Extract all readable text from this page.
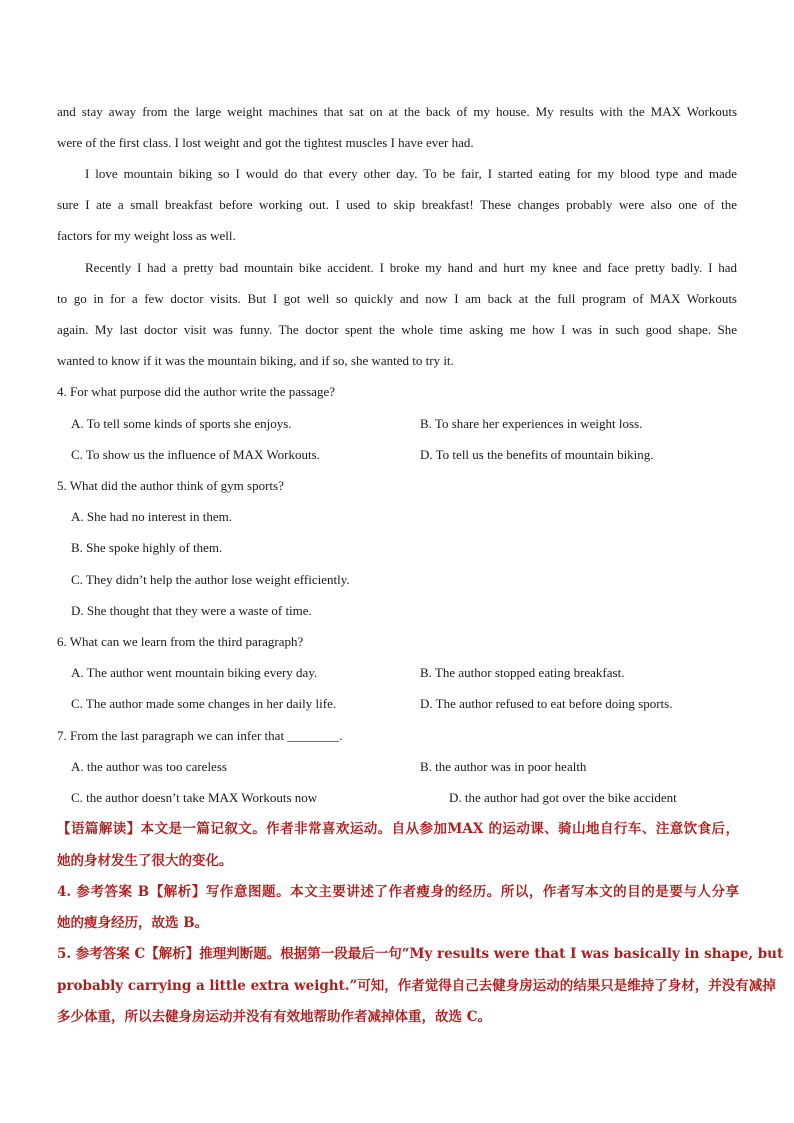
and stay away from the large weight machines that sat on at the back of my house. My results with the MAX Workouts
were of the first class. I lost weight and got the tightest muscles I have ever had.
I love mountain biking so I would do that every other day. To be fair, I started eating for my blood type and made
sure I ate a small breakfast before working out. I used to skip breakfast! These changes probably were also one of the
factors for my weight loss as well.
Recently I had a pretty bad mountain bike accident. I broke my hand and hurt my knee and face pretty badly. I had
to go in for a few doctor visits. But I got well so quickly and now I am back at the full program of MAX Workouts
again. My last doctor visit was funny. The doctor spent the whole time asking me how I was in such good shape. She
wanted to know if it was the mountain biking, and if so, she wanted to try it.
4. For what purpose did the author write the passage?
A. To tell some kinds of sports she enjoys.	B. To share her experiences in weight loss.
C. To show us the influence of MAX Workouts.	D. To tell us the benefits of mountain biking.
5. What did the author think of gym sports?
A. She had no interest in them.
B. She spoke highly of them.
C. They didn’t help the author lose weight efficiently.
D. She thought that they were a waste of time.
6. What can we learn from the third paragraph?
A. The author went mountain biking every day.	B. The author stopped eating breakfast.
C. The author made some changes in her daily life.	D. The author refused to eat before doing sports.
7. From the last paragraph we can infer that ________.
A. the author was too careless	B. the author was in poor health
C. the author doesn’t take MAX Workouts now	D. the author had got over the bike accident
【语篇解读】本文是一篇记叙文。作者非常喜欢运动。自从参加MAX 的运动课、骑山地自行车、注意饮食后，
她的身材发生了很大的变化。
4. 参考答案 B【解析】写作意图题。本文主要讲述了作者瘦身的经历。所以，作者写本文的目的是要与人分享
她的瘦身经历，故选 B。
5. 参考答案 C【解析】推理判断题。根据第一段最后一句“My results were that I was basically in shape, but
probably carrying a little extra weight.”可知，作者觉得自己去健身房运动的结果只是维持了身材，并没有减掉
多少体重，所以去健身房运动并没有有效地帮助作者减掉体重，故选 C。
